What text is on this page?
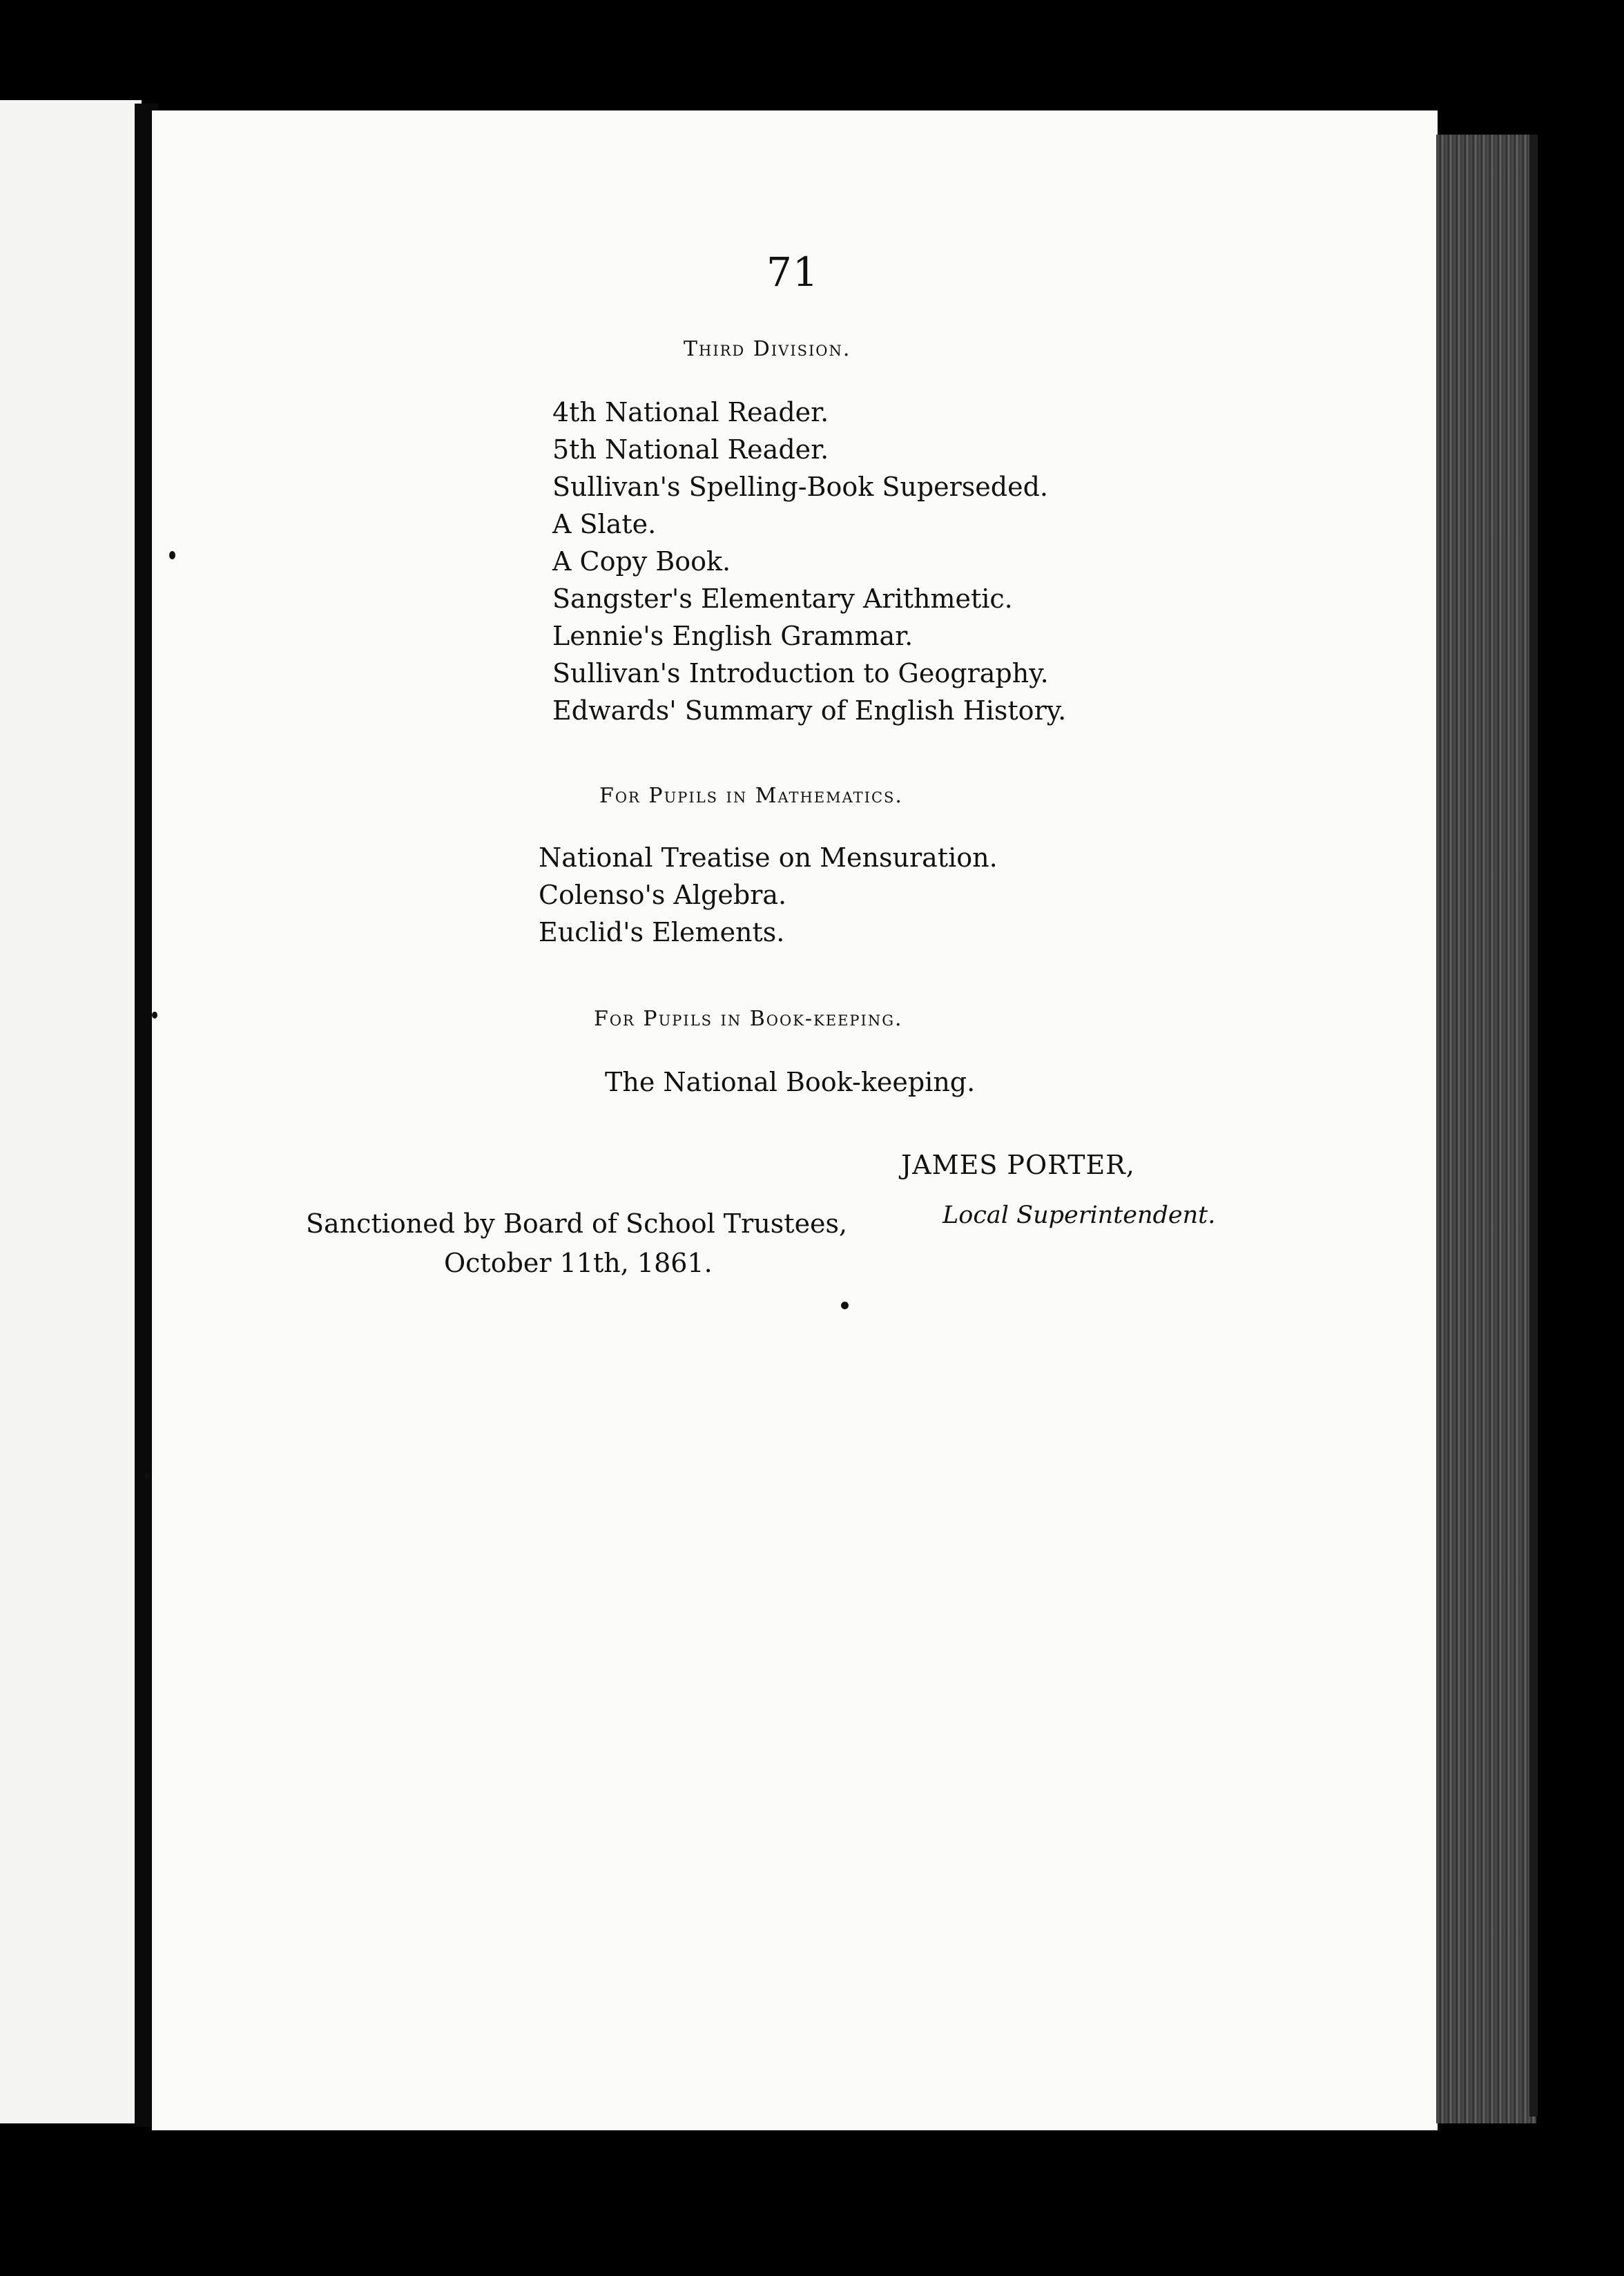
71
Third Division.
4th National Reader.
5th National Reader.
Sullivan's Spelling-Book Superseded.
A Slate.
A Copy Book.
Sangster's Elementary Arithmetic.
Lennie's English Grammar.
Sullivan's Introduction to Geography.
Edwards' Summary of English History.
For Pupils in Mathematics.
National Treatise on Mensuration.
Colenso's Algebra.
Euclid's Elements.
For Pupils in Book-keeping.
The National Book-keeping.
JAMES PORTER,
Local Superintendent.
Sanctioned by Board of School Trustees,
October 11th, 1861.
